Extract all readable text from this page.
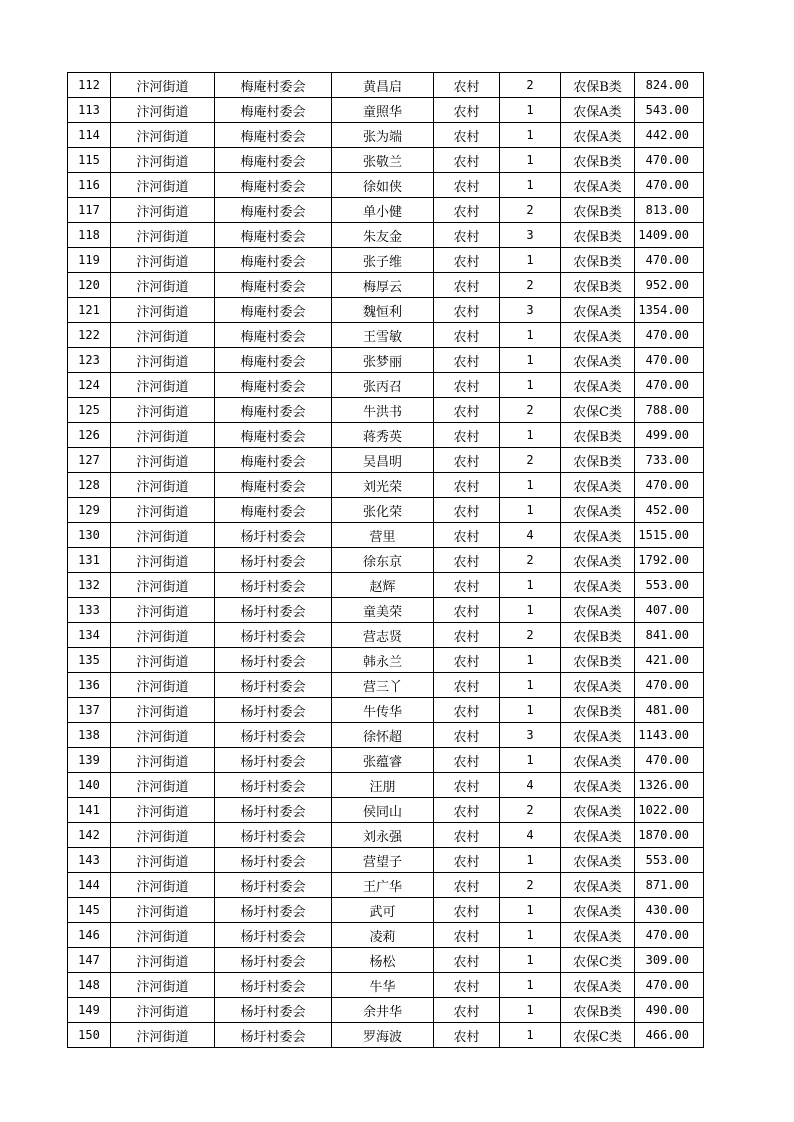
112	汴河街道	梅庵村委会	黄昌启	农村	2	农保B类	824.00
113	汴河街道	梅庵村委会	童照华	农村	1	农保A类	543.00
114	汴河街道	梅庵村委会	张为端	农村	1	农保A类	442.00
115	汴河街道	梅庵村委会	张敬兰	农村	1	农保B类	470.00
116	汴河街道	梅庵村委会	徐如侠	农村	1	农保A类	470.00
117	汴河街道	梅庵村委会	单小健	农村	2	农保B类	813.00
118	汴河街道	梅庵村委会	朱友金	农村	3	农保B类	1409.00
119	汴河街道	梅庵村委会	张子维	农村	1	农保B类	470.00
120	汴河街道	梅庵村委会	梅厚云	农村	2	农保B类	952.00
121	汴河街道	梅庵村委会	魏恒利	农村	3	农保A类	1354.00
122	汴河街道	梅庵村委会	王雪敏	农村	1	农保A类	470.00
123	汴河街道	梅庵村委会	张梦丽	农村	1	农保A类	470.00
124	汴河街道	梅庵村委会	张丙召	农村	1	农保A类	470.00
125	汴河街道	梅庵村委会	牛洪书	农村	2	农保C类	788.00
126	汴河街道	梅庵村委会	蒋秀英	农村	1	农保B类	499.00
127	汴河街道	梅庵村委会	吴昌明	农村	2	农保B类	733.00
128	汴河街道	梅庵村委会	刘光荣	农村	1	农保A类	470.00
129	汴河街道	梅庵村委会	张化荣	农村	1	农保A类	452.00
130	汴河街道	杨圩村委会	营里	农村	4	农保A类	1515.00
131	汴河街道	杨圩村委会	徐东京	农村	2	农保A类	1792.00
132	汴河街道	杨圩村委会	赵辉	农村	1	农保A类	553.00
133	汴河街道	杨圩村委会	童美荣	农村	1	农保A类	407.00
134	汴河街道	杨圩村委会	营志贤	农村	2	农保B类	841.00
135	汴河街道	杨圩村委会	韩永兰	农村	1	农保B类	421.00
136	汴河街道	杨圩村委会	营三丫	农村	1	农保A类	470.00
137	汴河街道	杨圩村委会	牛传华	农村	1	农保B类	481.00
138	汴河街道	杨圩村委会	徐怀超	农村	3	农保A类	1143.00
139	汴河街道	杨圩村委会	张蕴睿	农村	1	农保A类	470.00
140	汴河街道	杨圩村委会	汪朋	农村	4	农保A类	1326.00
141	汴河街道	杨圩村委会	侯同山	农村	2	农保A类	1022.00
142	汴河街道	杨圩村委会	刘永强	农村	4	农保A类	1870.00
143	汴河街道	杨圩村委会	营望子	农村	1	农保A类	553.00
144	汴河街道	杨圩村委会	王广华	农村	2	农保A类	871.00
145	汴河街道	杨圩村委会	武可	农村	1	农保A类	430.00
146	汴河街道	杨圩村委会	凌莉	农村	1	农保A类	470.00
147	汴河街道	杨圩村委会	杨松	农村	1	农保C类	309.00
148	汴河街道	杨圩村委会	牛华	农村	1	农保A类	470.00
149	汴河街道	杨圩村委会	余井华	农村	1	农保B类	490.00
150	汴河街道	杨圩村委会	罗海波	农村	1	农保C类	466.00
